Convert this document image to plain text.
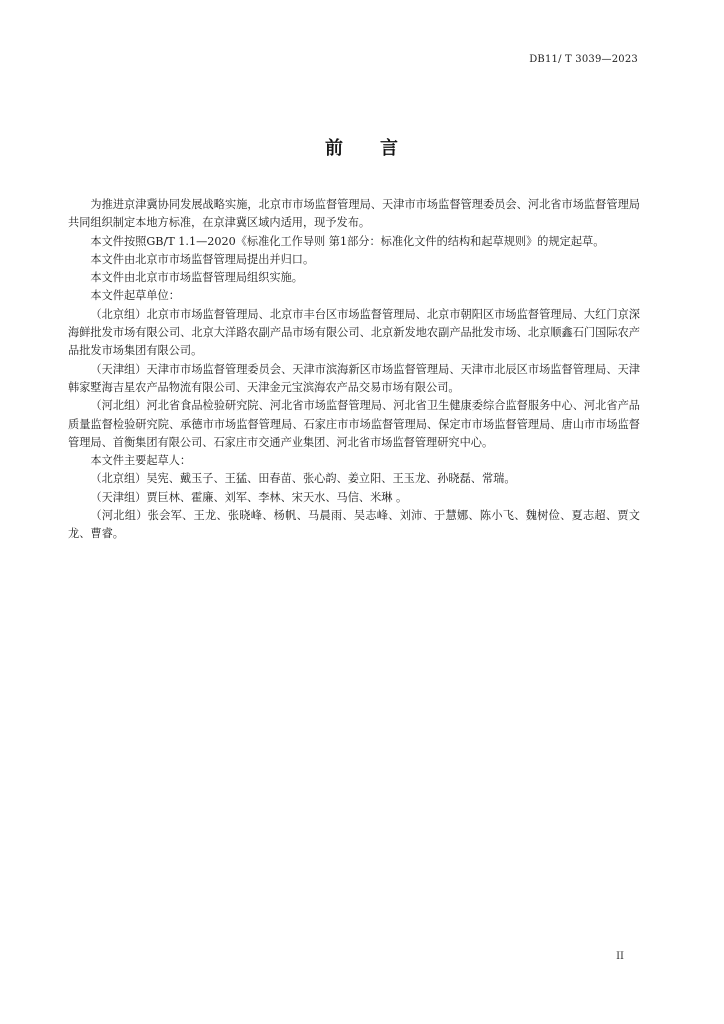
DB11/ T 3039—2023
前 言

为推进京津冀协同发展战略实施，北京市市场监督管理局、天津市市场监督管理委员会、河北省市场监督管理局共同组织制定本地方标准，在京津冀区域内适用，现予发布。

本文件按照GB/T 1.1—2020《标准化工作导则 第1部分：标准化文件的结构和起草规则》的规定起草。

本文件由北京市市场监督管理局提出并归口。

本文件由北京市市场监督管理局组织实施。

本文件起草单位：

（北京组）北京市市场监督管理局、北京市丰台区市场监督管理局、北京市朝阳区市场监督管理局、大红门京深海鲜批发市场有限公司、北京大洋路农副产品市场有限公司、北京新发地农副产品批发市场、北京顺鑫石门国际农产品批发市场集团有限公司。

（天津组）天津市市场监督管理委员会、天津市滨海新区市场监督管理局、天津市北辰区市场监督管理局、天津韩家墅海吉星农产品物流有限公司、天津金元宝滨海农产品交易市场有限公司。

（河北组）河北省食品检验研究院、河北省市场监督管理局、河北省卫生健康委综合监督服务中心、河北省产品质量监督检验研究院、承德市市场监督管理局、石家庄市市场监督管理局、保定市市场监督管理局、唐山市市场监督管理局、首衡集团有限公司、石家庄市交通产业集团、河北省市场监督管理研究中心。

本文件主要起草人：

（北京组）吴宪、戴玉子、王猛、田春苗、张心韵、姜立阳、王玉龙、孙晓磊、常瑞。

（天津组）贾巨林、霍廉、刘军、李林、宋天水、马信、米琳 。

（河北组）张会军、王龙、张晓峰、杨帆、马晨雨、吴志峰、刘沛、于慧娜、陈小飞、魏树俭、夏志超、贾文龙、曹睿。

II
